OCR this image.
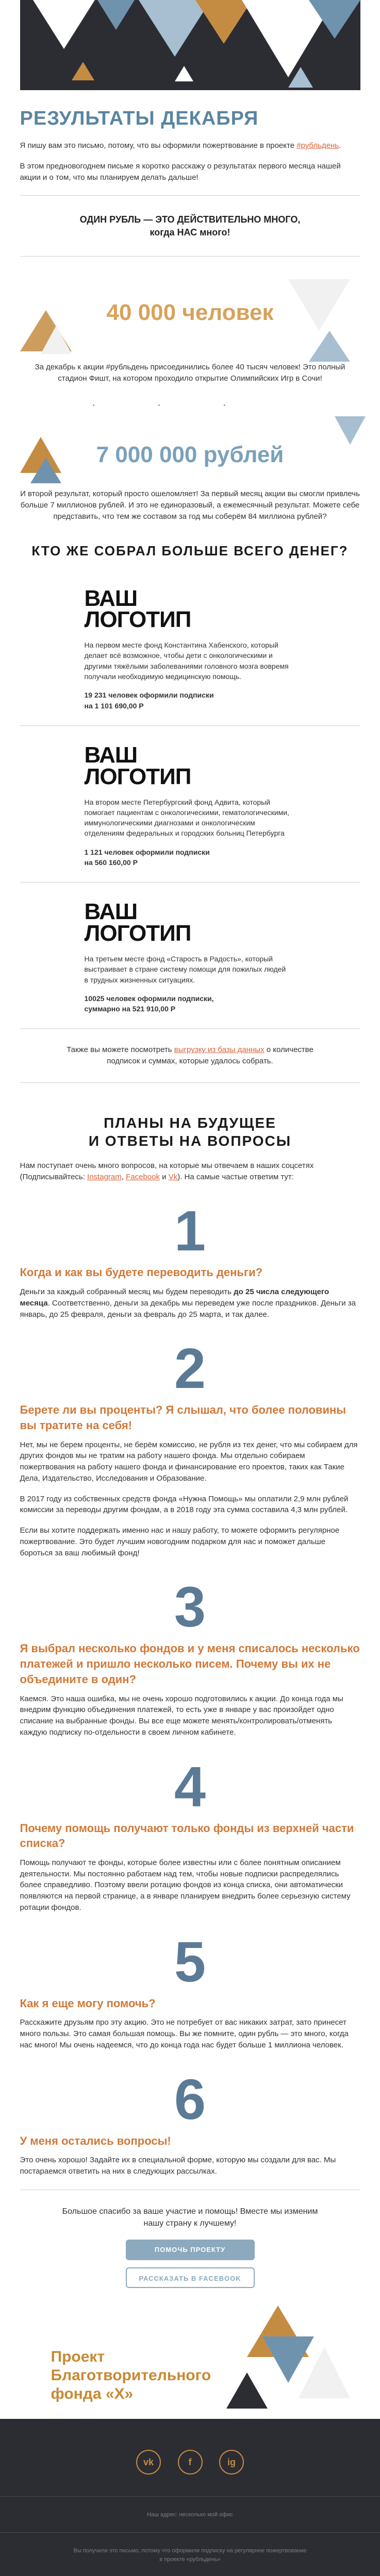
РЕЗУЛЬТАТЫ ДЕКАБРЯ

Я пишу вам это письмо, потому, что вы оформили пожертвование в проекте #рубльдень.

В этом предновогоднем письме я коротко расскажу о результатах первого месяца нашей акции и о том, что мы планируем делать дальше!

ОДИН РУБЛЬ — ЭТО ДЕЙСТВИТЕЛЬНО МНОГО,
когда НАС много!
40 000 человек

За декабрь к акции #рубльдень присоединились более 40 тысяч человек! Это полный стадион Фишт, на котором проходило открытие Олимпийских Игр в Сочи!

···
7 000 000 рублей

И второй результат, который просто ошеломляет! За первый месяц акции вы смогли привлечь больше 7 миллионов рублей. И это не единоразовый, а ежемесячный результат. Можете себе представить, что тем же составом за год мы соберём 84 миллиона рублей?

КТО ЖЕ СОБРАЛ БОЛЬШЕ ВСЕГО ДЕНЕГ?
ВАШ
ЛОГОТИП

На первом месте фонд Константина Хабенского, который делает всё возможное, чтобы дети с онкологическими и другими тяжёлыми заболеваниями головного мозга вовремя получали необходимую медицинскую помощь.

19 231 человек оформили подписки
на 1 101 690,00 Р

ВАШ
ЛОГОТИП

На втором месте Петербургский фонд Адвита, который помогает пациентам с онкологическими, гематологическими, иммунологическими диагнозами и онкологическим отделениям федеральных и городских больниц Петербурга

1 121 человек оформили подписки
на 560 160,00 Р

ВАШ
ЛОГОТИП

На третьем месте фонд «Старость в Радость», который выстраивает в стране систему помощи для пожилых людей в трудных жизненных ситуациях.

10025 человек оформили подписки,
суммарно на 521 910,00 Р

Также вы можете посмотреть выгрузку из базы данных о количестве подписок и суммах, которые удалось собрать.

ПЛАНЫ НА БУДУЩЕЕ
И ОТВЕТЫ НА ВОПРОСЫ

Нам поступает очень много вопросов, на которые мы отвечаем в наших соцсетях (Подписывайтесь: Instagram, Facebook и Vk). На самые частые ответим тут:

1
Когда и как вы будете переводить деньги?

Деньги за каждый собранный месяц мы будем переводить до 25 числа следующего месяца. Соответственно, деньги за декабрь мы переведем уже после праздников. Деньги за январь, до 25 февраля, деньги за февраль до 25 марта, и так далее.

2
Берете ли вы проценты? Я слышал, что более половины вы тратите на себя!

Нет, мы не берем проценты, не берём комиссию, не рубля из тех денег, что мы собираем для других фондов мы не тратим на работу нашего фонда. Мы отдельно собираем пожертвования на работу нашего фонда и финансирование его проектов, таких как Такие Дела, Издательство, Исследования и Образование.

В 2017 году из собственных средств фонда «Нужна Помощь» мы оплатили 2,9 млн рублей комиссии за переводы другим фондам, а в 2018 году эта сумма составила 4,3 млн рублей.

Если вы хотите поддержать именно нас и нашу работу, то можете оформить регулярное пожертвование. Это будет лучшим новогодним подарком для нас и поможет дальше бороться за ваш любимый фонд!

3
Я выбрал несколько фондов и у меня списалось несколько платежей и пришло несколько писем. Почему вы их не объедините в один?

Каемся. Это наша ошибка, мы не очень хорошо подготовились к акции. До конца года мы внедрим функцию объединения платежей, то есть уже в январе у вас произойдет одно списание на выбранные фонды. Вы все еще можете менять/контролировать/отменять каждую подписку по-отдельности в своем личном кабинете.

4
Почему помощь получают только фонды из верхней части списка?

Помощь получают те фонды, которые более известны или с более понятным описанием деятельности. Мы постоянно работаем над тем, чтобы новые подписки распределялись более справедливо. Поэтому ввели ротацию фондов из конца списка, они автоматически появляются на первой странице, а в январе планируем внедрить более серьезную систему ротации фондов.

5
Как я еще могу помочь?

Расскажите друзьям про эту акцию. Это не потребует от вас никаких затрат, зато принесет много пользы. Это самая большая помощь. Вы же помните, один рубль — это много, когда нас много! Мы очень надеемся, что до конца года нас будет больше 1 миллиона человек.

6
У меня остались вопросы!

Это очень хорошо! Задайте их в специальной форме, которую мы создали для вас. Мы постараемся ответить на них в следующих рассылках.

Большое спасибо за ваше участие и помощь! Вместе мы изменим нашу страну к лучшему!

ПОМОЧЬ ПРОЕКТУ
РАССКАЗАТЬ В FACEBOOK
Проект Благотворительного фонда «Х»
vk	f	ig
Наш адрес: несколько мой офис
Вы получили это письмо, потому что оформили подписку на регулярное пожертвование в проекте «рубльдень»
